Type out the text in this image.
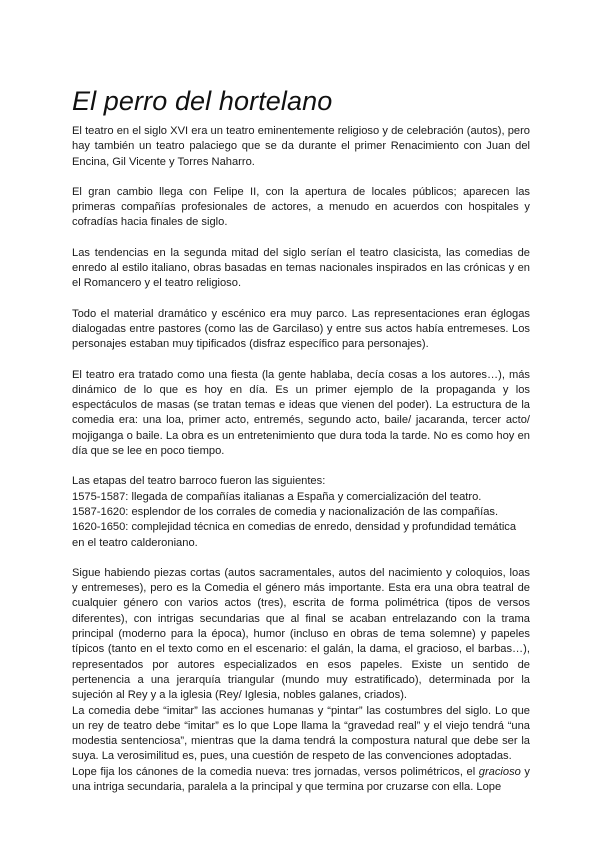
El perro del hortelano

El teatro en el siglo XVI era un teatro eminentemente religioso y de celebración (autos), pero hay también un teatro palaciego que se da durante el primer Renacimiento con Juan del Encina, Gil Vicente y Torres Naharro.

El gran cambio llega con Felipe II, con la apertura de locales públicos; aparecen las primeras compañías profesionales de actores, a menudo en acuerdos con hospitales y cofradías hacia finales de siglo.

Las tendencias en la segunda mitad del siglo serían el teatro clasicista, las comedias de enredo al estilo italiano, obras basadas en temas nacionales inspirados en las crónicas y en el Romancero y el teatro religioso.

Todo el material dramático y escénico era muy parco. Las representaciones eran églogas dialogadas entre pastores (como las de Garcilaso) y entre sus actos había entremeses. Los personajes estaban muy tipificados (disfraz específico para personajes).

El teatro era tratado como una fiesta (la gente hablaba, decía cosas a los autores…), más dinámico de lo que es hoy en día. Es un primer ejemplo de la propaganda y los espectáculos de masas (se tratan temas e ideas que vienen del poder). La estructura de la comedia era: una loa, primer acto, entremés, segundo acto, baile/ jacaranda, tercer acto/ mojiganga o baile. La obra es un entretenimiento que dura toda la tarde. No es como hoy en día que se lee en poco tiempo.

Las etapas del teatro barroco fueron las siguientes:
1575-1587: llegada de compañías italianas a España y comercialización del teatro.
1587-1620: esplendor de los corrales de comedia y nacionalización de las compañías.
1620-1650: complejidad técnica en comedias de enredo, densidad y profundidad temática en el teatro calderoniano.

Sigue habiendo piezas cortas (autos sacramentales, autos del nacimiento y coloquios, loas y entremeses), pero es la Comedia el género más importante. Esta era una obra teatral de cualquier género con varios actos (tres), escrita de forma polimétrica (tipos de versos diferentes), con intrigas secundarias que al final se acaban entrelazando con la trama principal (moderno para la época), humor (incluso en obras de tema solemne) y papeles típicos (tanto en el texto como en el escenario: el galán, la dama, el gracioso, el barbas…), representados por autores especializados en esos papeles. Existe un sentido de pertenencia a una jerarquía triangular (mundo muy estratificado), determinada por la sujeción al Rey y a la iglesia (Rey/ Iglesia, nobles galanes, criados).

La comedia debe “imitar” las acciones humanas y “pintar” las costumbres del siglo. Lo que un rey de teatro debe “imitar” es lo que Lope llama la “gravedad real” y el viejo tendrá “una modestia sentenciosa”, mientras que la dama tendrá la compostura natural que debe ser la suya. La verosimilitud es, pues, una cuestión de respeto de las convenciones adoptadas.

Lope fija los cánones de la comedia nueva: tres jornadas, versos polimétricos, el gracioso y una intriga secundaria, paralela a la principal y que termina por cruzarse con ella. Lope
